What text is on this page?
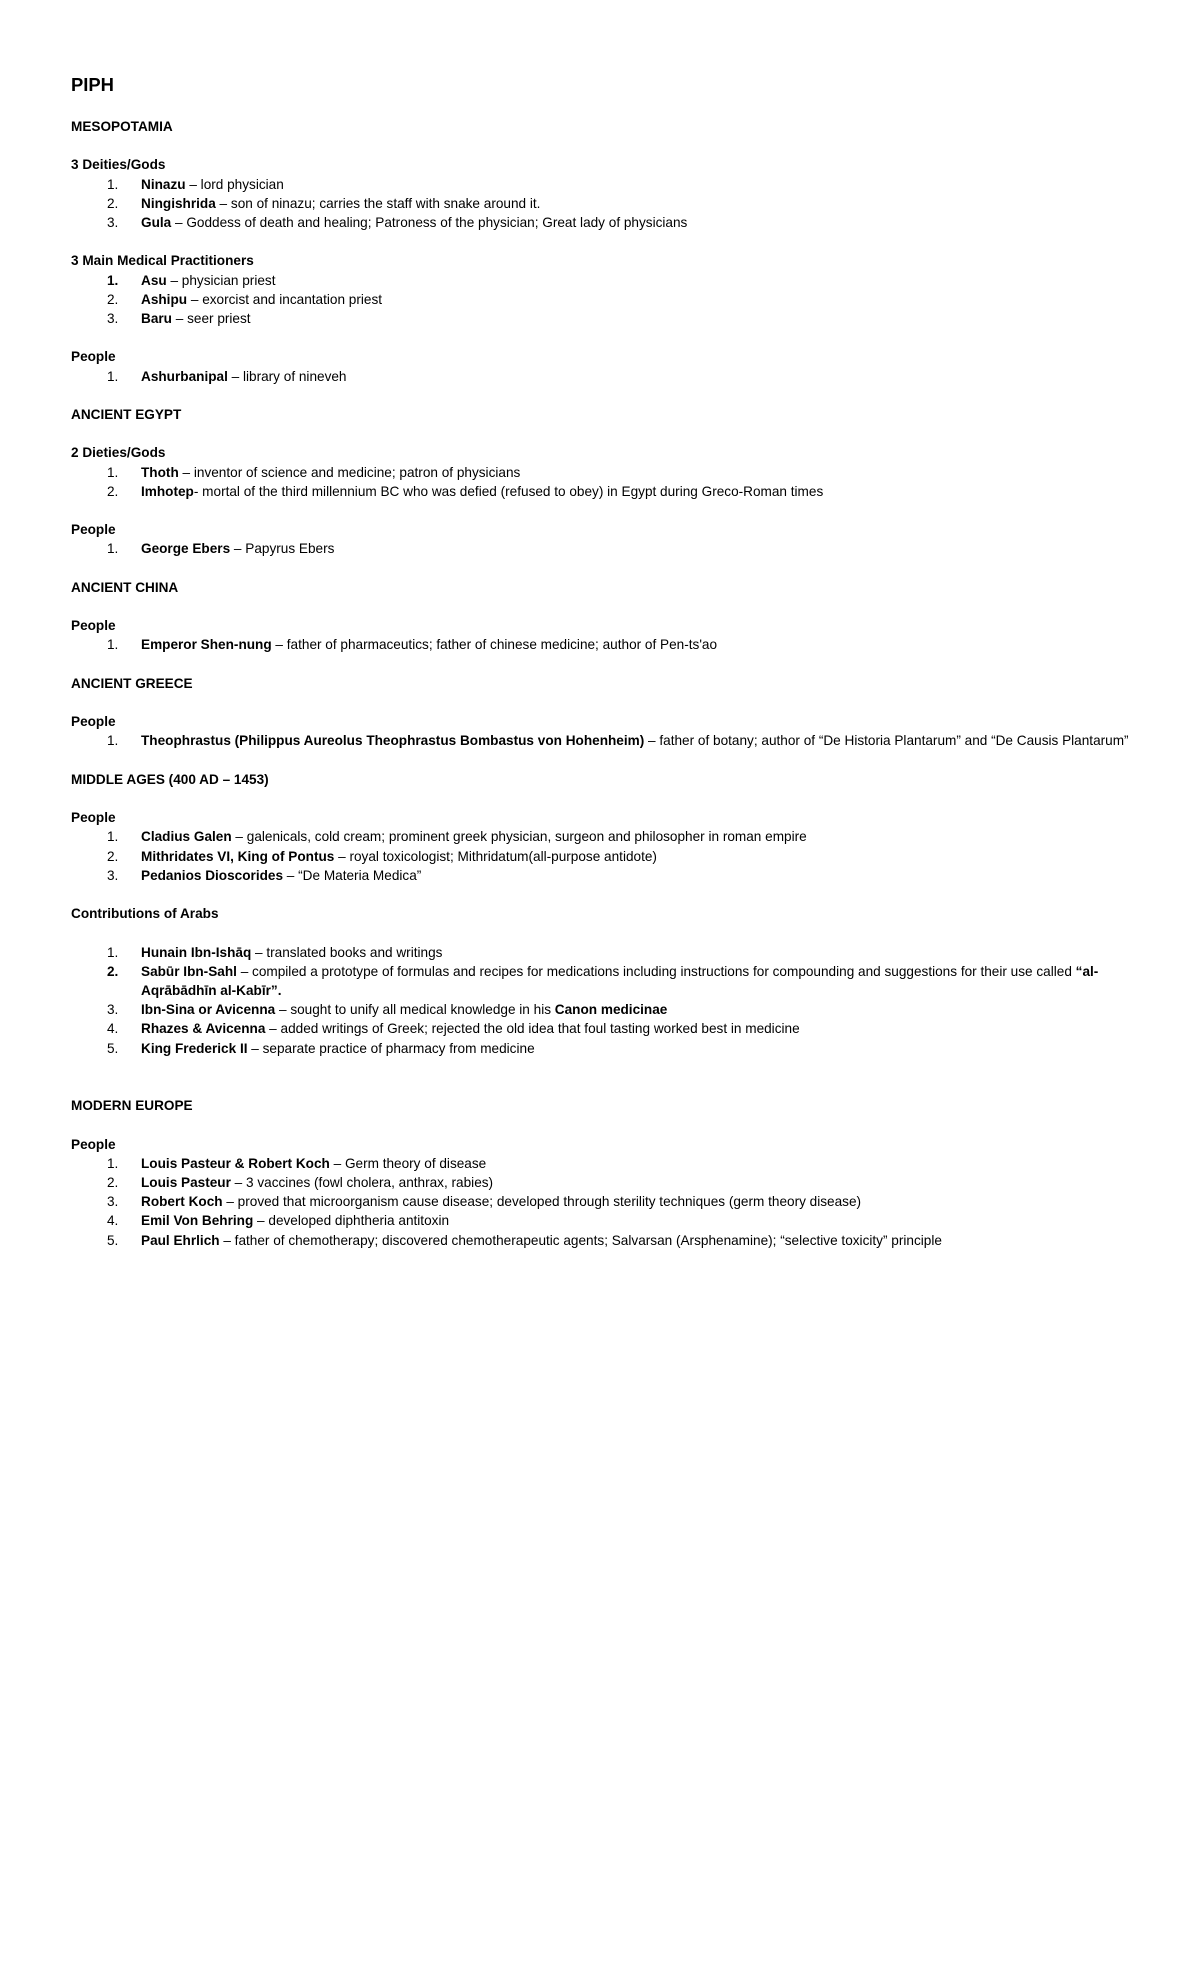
PIPH
MESOPOTAMIA
3 Deities/Gods
1.	Ninazu – lord physician
2.	Ningishrida – son of ninazu; carries the staff with snake around it.
3.	Gula – Goddess of death and healing; Patroness of the physician; Great lady of physicians
3 Main Medical Practitioners
1.	Asu – physician priest
2.	Ashipu – exorcist and incantation priest
3.	Baru – seer priest
People
1.	Ashurbanipal – library of nineveh
ANCIENT EGYPT
2 Dieties/Gods
1.	Thoth – inventor of science and medicine; patron of physicians
2.	Imhotep- mortal of the third millennium BC who was defied (refused to obey) in Egypt during Greco-Roman times
People
1.	George Ebers – Papyrus Ebers
ANCIENT CHINA
People
1.	Emperor Shen-nung – father of pharmaceutics; father of chinese medicine; author of Pen-ts'ao
ANCIENT GREECE
People
1.	Theophrastus (Philippus Aureolus Theophrastus Bombastus von Hohenheim) – father of botany; author of “De Historia Plantarum” and “De Causis Plantarum”
MIDDLE AGES (400 AD – 1453)
People
1.	Cladius Galen – galenicals, cold cream; prominent greek physician, surgeon and philosopher in roman empire
2.	Mithridates VI, King of Pontus – royal toxicologist; Mithridatum(all-purpose antidote)
3.	Pedanios Dioscorides – “De Materia Medica”
Contributions of Arabs
1.	Hunain Ibn-Ishāq – translated books and writings
2.	Sabūr Ibn-Sahl – compiled a prototype of formulas and recipes for medications including instructions for compounding and suggestions for their use called “al-Aqrābādhīn al-Kabīr”.
3.	Ibn-Sina or Avicenna – sought to unify all medical knowledge in his Canon medicinae
4.	Rhazes & Avicenna – added writings of Greek; rejected the old idea that foul tasting worked best in medicine
5.	King Frederick II – separate practice of pharmacy from medicine
MODERN EUROPE
People
1.	Louis Pasteur & Robert Koch – Germ theory of disease
2.	Louis Pasteur – 3 vaccines (fowl cholera, anthrax, rabies)
3.	Robert Koch – proved that microorganism cause disease; developed through sterility techniques (germ theory disease)
4.	Emil Von Behring – developed diphtheria antitoxin
5.	Paul Ehrlich – father of chemotherapy; discovered chemotherapeutic agents; Salvarsan (Arsphenamine); “selective toxicity” principle
